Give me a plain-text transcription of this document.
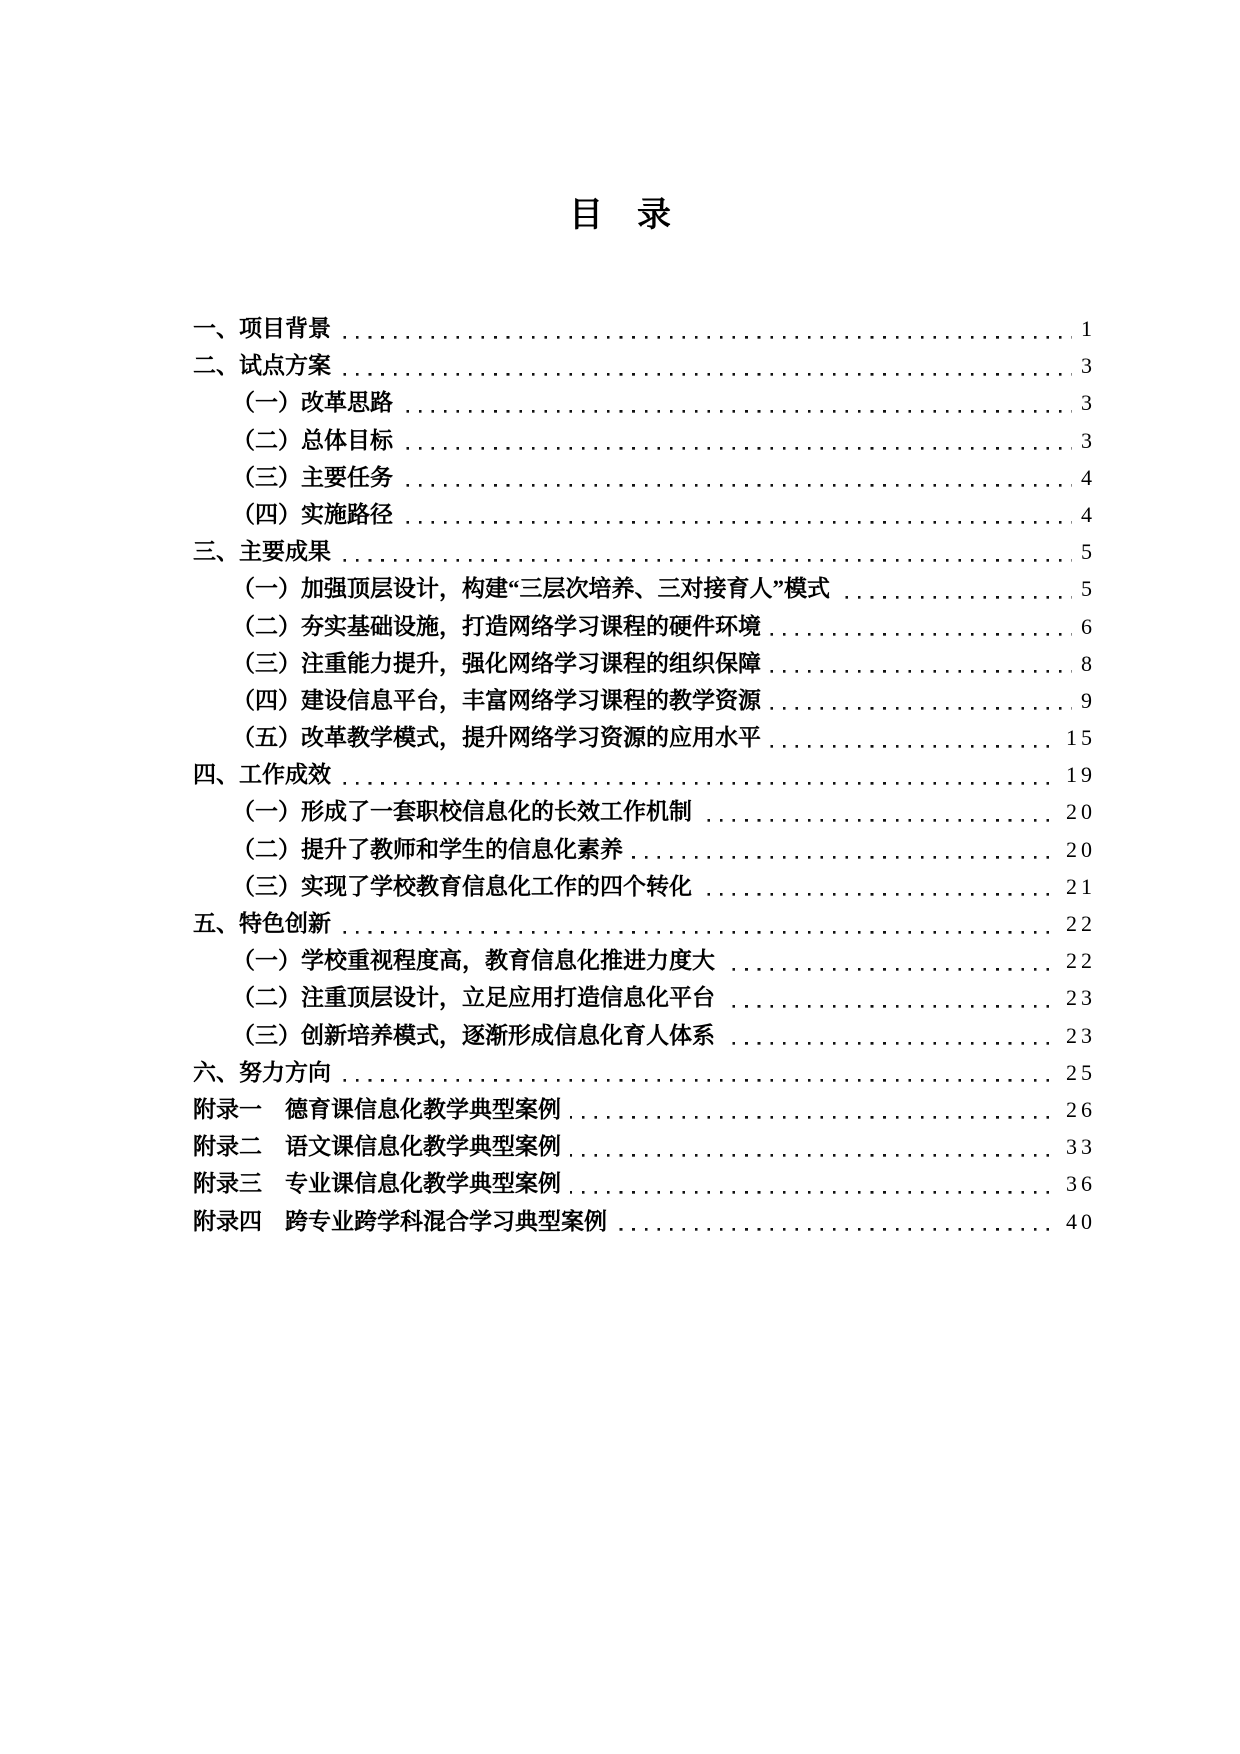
目　录
一、项目背景	1
二、试点方案	3
（一）改革思路	3
（二）总体目标	3
（三）主要任务	4
（四）实施路径	4
三、主要成果	5
（一）加强顶层设计，构建“三层次培养、三对接育人”模式	5
（二）夯实基础设施，打造网络学习课程的硬件环境	6
（三）注重能力提升，强化网络学习课程的组织保障	8
（四）建设信息平台，丰富网络学习课程的教学资源	9
（五）改革教学模式，提升网络学习资源的应用水平	15
四、工作成效	19
（一）形成了一套职校信息化的长效工作机制	20
（二）提升了教师和学生的信息化素养	20
（三）实现了学校教育信息化工作的四个转化	21
五、特色创新	22
（一）学校重视程度高，教育信息化推进力度大	22
（二）注重顶层设计，立足应用打造信息化平台	23
（三）创新培养模式，逐渐形成信息化育人体系	23
六、努力方向	25
附录一　德育课信息化教学典型案例	26
附录二　语文课信息化教学典型案例	33
附录三　专业课信息化教学典型案例	36
附录四　跨专业跨学科混合学习典型案例	40
